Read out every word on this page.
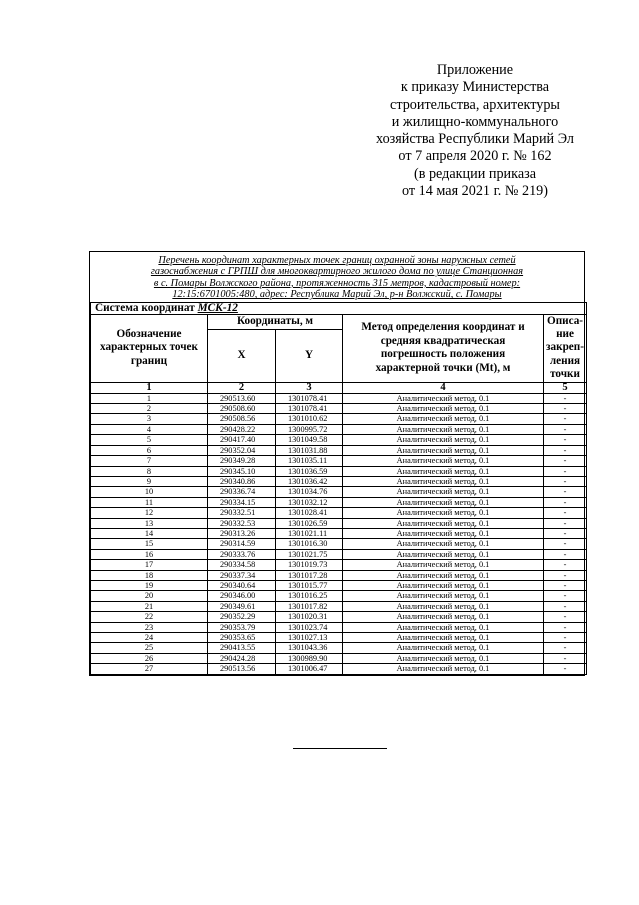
Приложение
к приказу Министерства
строительства, архитектуры
и жилищно-коммунального
хозяйства Республики Марий Эл
от 7 апреля 2020 г. № 162
(в редакции приказа
от 14 мая 2021 г. № 219)
Перечень координат характерных точек границ охранной зоны наружных сетей
газоснабжения с ГРПШ для многоквартирного жилого дома по улице Станционная
в с. Помары Волжского района, протяженность 315 метров, кадастровый номер:
12:15:6701005:480, адрес: Республика Марий Эл, р-н Волжский, с. Помары
Система координат МСК-12				
Обозначение характерных точек границ	Координаты, м		Метод определения координат и средняя квадратическая погрешность положения характерной точки (Mt), м	Описа-ние закреп-ления точки
	X	Y		
1	2	3	4	5
1	290513.60	1301078.41	Аналитический метод, 0.1	-
2	290508.60	1301078.41	Аналитический метод, 0.1	-
3	290508.56	1301010.62	Аналитический метод, 0.1	-
4	290428.22	1300995.72	Аналитический метод, 0.1	-
5	290417.40	1301049.58	Аналитический метод, 0.1	-
6	290352.04	1301031.88	Аналитический метод, 0.1	-
7	290349.28	1301035.11	Аналитический метод, 0.1	-
8	290345.10	1301036.59	Аналитический метод, 0.1	-
9	290340.86	1301036.42	Аналитический метод, 0.1	-
10	290336.74	1301034.76	Аналитический метод, 0.1	-
11	290334.15	1301032.12	Аналитический метод, 0.1	-
12	290332.51	1301028.41	Аналитический метод, 0.1	-
13	290332.53	1301026.59	Аналитический метод, 0.1	-
14	290313.26	1301021.11	Аналитический метод, 0.1	-
15	290314.59	1301016.30	Аналитический метод, 0.1	-
16	290333.76	1301021.75	Аналитический метод, 0.1	-
17	290334.58	1301019.73	Аналитический метод, 0.1	-
18	290337.34	1301017.28	Аналитический метод, 0.1	-
19	290340.64	1301015.77	Аналитический метод, 0.1	-
20	290346.00	1301016.25	Аналитический метод, 0.1	-
21	290349.61	1301017.82	Аналитический метод, 0.1	-
22	290352.29	1301020.31	Аналитический метод, 0.1	-
23	290353.79	1301023.74	Аналитический метод, 0.1	-
24	290353.65	1301027.13	Аналитический метод, 0.1	-
25	290413.55	1301043.36	Аналитический метод, 0.1	-
26	290424.28	1300989.90	Аналитический метод, 0.1	-
27	290513.56	1301006.47	Аналитический метод, 0.1	-
